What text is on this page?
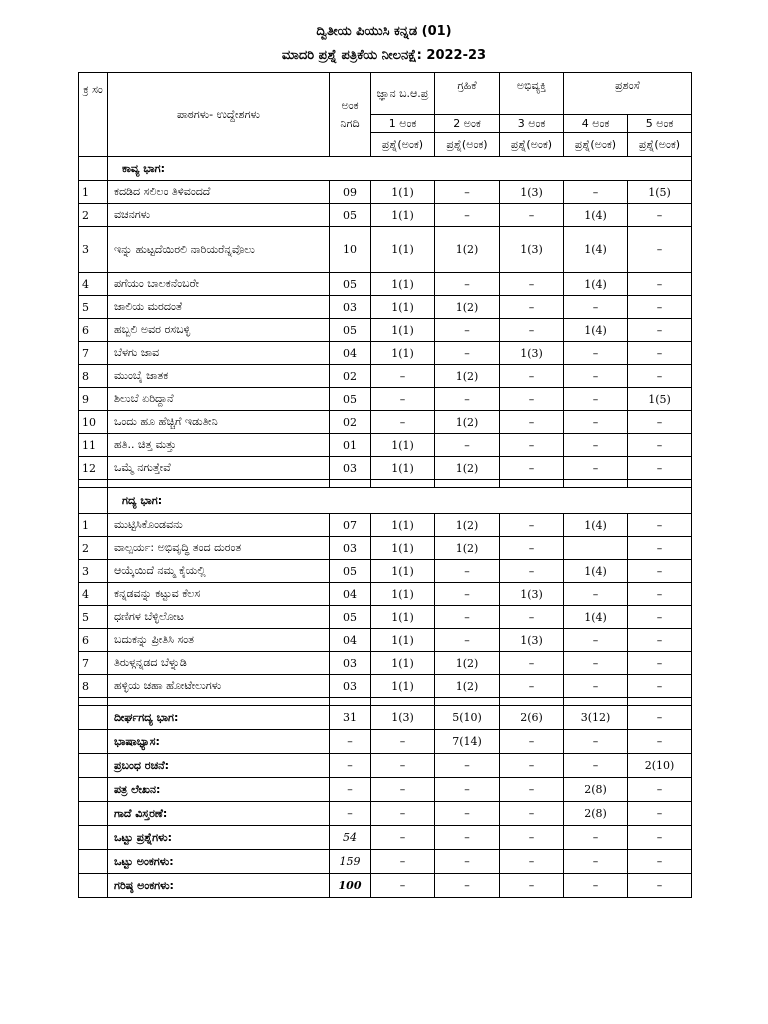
ದ್ವಿತೀಯ ಪಿಯುಸಿ ಕನ್ನಡ (01)
ಮಾದರಿ ಪ್ರಶ್ನೆ ಪತ್ರಿಕೆಯ ನೀಲನಕ್ಷೆ: 2022-23
ಕ್ರ ಸಂ	ಪಾಠಗಳು- ಉದ್ದೇಶಗಳು	ಅಂಕ ನಿಗದಿ	ಜ್ಞಾನ ಬ.ಆ.ಪ್ರ	ಗ್ರಹಿಕೆ	ಅಭಿವ್ಯಕ್ತಿ	ಪ್ರಶಂಸೆ	
			1 ಅಂಕ	2 ಅಂಕ	3 ಅಂಕ	4 ಅಂಕ	5 ಅಂಕ
			ಪ್ರಶ್ನೆ(ಅಂಕ)	ಪ್ರಶ್ನೆ(ಅಂಕ)	ಪ್ರಶ್ನೆ(ಅಂಕ)	ಪ್ರಶ್ನೆ(ಅಂಕ)	ಪ್ರಶ್ನೆ(ಅಂಕ)
	ಕಾವ್ಯ ಭಾಗ:						
1	ಕದಡಿದ ಸಲಿಲಂ ತಿಳಿವಂದದೆ	09	1(1)	–	1(3)	–	1(5)
2	ವಚನಗಳು	05	1(1)	–	–	1(4)	–
3	ಇನ್ನು ಹುಟ್ಟದೆಯಿರಲಿ ನಾರಿಯರೆನ್ನವೊಲು	10	1(1)	1(2)	1(3)	1(4)	–
4	ಪಗೆಯಂ ಬಾಲಕನೆಂಬರೇ	05	1(1)	–	–	1(4)	–
5	ಜಾಲಿಯ ಮರದಂತೆ	03	1(1)	1(2)	–	–	–
6	ಹಬ್ಬಲಿ ಅವರ ರಸಬಳ್ಳಿ	05	1(1)	–	–	1(4)	–
7	ಬೆಳಗು ಜಾವ	04	1(1)	–	1(3)	–	–
8	ಮುಂಬೈ ಜಾತಕ	02	–	1(2)	–	–	–
9	ಶಿಲುಬೆ ಏರಿದ್ದಾನೆ	05	–	–	–	–	1(5)
10	ಒಂದು ಹೂ ಹೆಚ್ಚಿಗೆ ಇಡುತೀನಿ	02	–	1(2)	–	–	–
11	ಹತಿ.. ಚಿತ್ತ ಮತ್ತು	01	1(1)	–	–	–	–
12	ಒಮ್ಮೆ ನಗುತ್ತೇವೆ	03	1(1)	1(2)	–	–	–

	ಗದ್ಯ ಭಾಗ:						
1	ಮುಟ್ಟಿಸಿಕೊಂಡವನು	07	1(1)	1(2)	–	1(4)	–
2	ವಾಲ್ಪರ್ಯ: ಅಭಿವೃದ್ಧಿ ತಂದ ದುರಂತ	03	1(1)	1(2)	–		–
3	ಆಯ್ಕೆಯಿದೆ ನಮ್ಮ ಕೈಯಲ್ಲಿ	05	1(1)	–	–	1(4)	–
4	ಕನ್ನಡವನ್ನು ಕಟ್ಟುವ ಕೆಲಸ	04	1(1)	–	1(3)	–	–
5	ಧಣಿಗಳ ಬೆಳ್ಳಿಲೋಟ	05	1(1)	–	–	1(4)	–
6	ಬದುಕನ್ನು ಪ್ರೀತಿಸಿ ಸಂತ	04	1(1)	–	1(3)	–	–
7	ತಿರುಳ್ಗನ್ನಡದ ಬೆಳ್ನುಡಿ	03	1(1)	1(2)	–	–	–
8	ಹಳ್ಳಿಯ ಚಹಾ ಹೋಟೇಲುಗಳು	03	1(1)	1(2)	–	–	–

	ದೀರ್ಘಗದ್ಯ ಭಾಗ:	31	1(3)	5(10)	2(6)	3(12)	–
	ಭಾಷಾಭ್ಯಾಸ:	–	–	7(14)	–	–	–
	ಪ್ರಬಂಧ ರಚನೆ:	–	–	–	–	–	2(10)
	ಪತ್ರ ಲೇಖನ:	–	–	–	–	2(8)	–
	ಗಾದೆ ವಿಸ್ತರಣೆ:	–	–	–	–	2(8)	–
	ಒಟ್ಟು ಪ್ರಶ್ನೆಗಳು:	54	–	–	–	–	–
	ಒಟ್ಟು ಅಂಕಗಳು:	159	–	–	–	–	–
	ಗರಿಷ್ಠ ಅಂಕಗಳು:	100	–	–	–	–	–
